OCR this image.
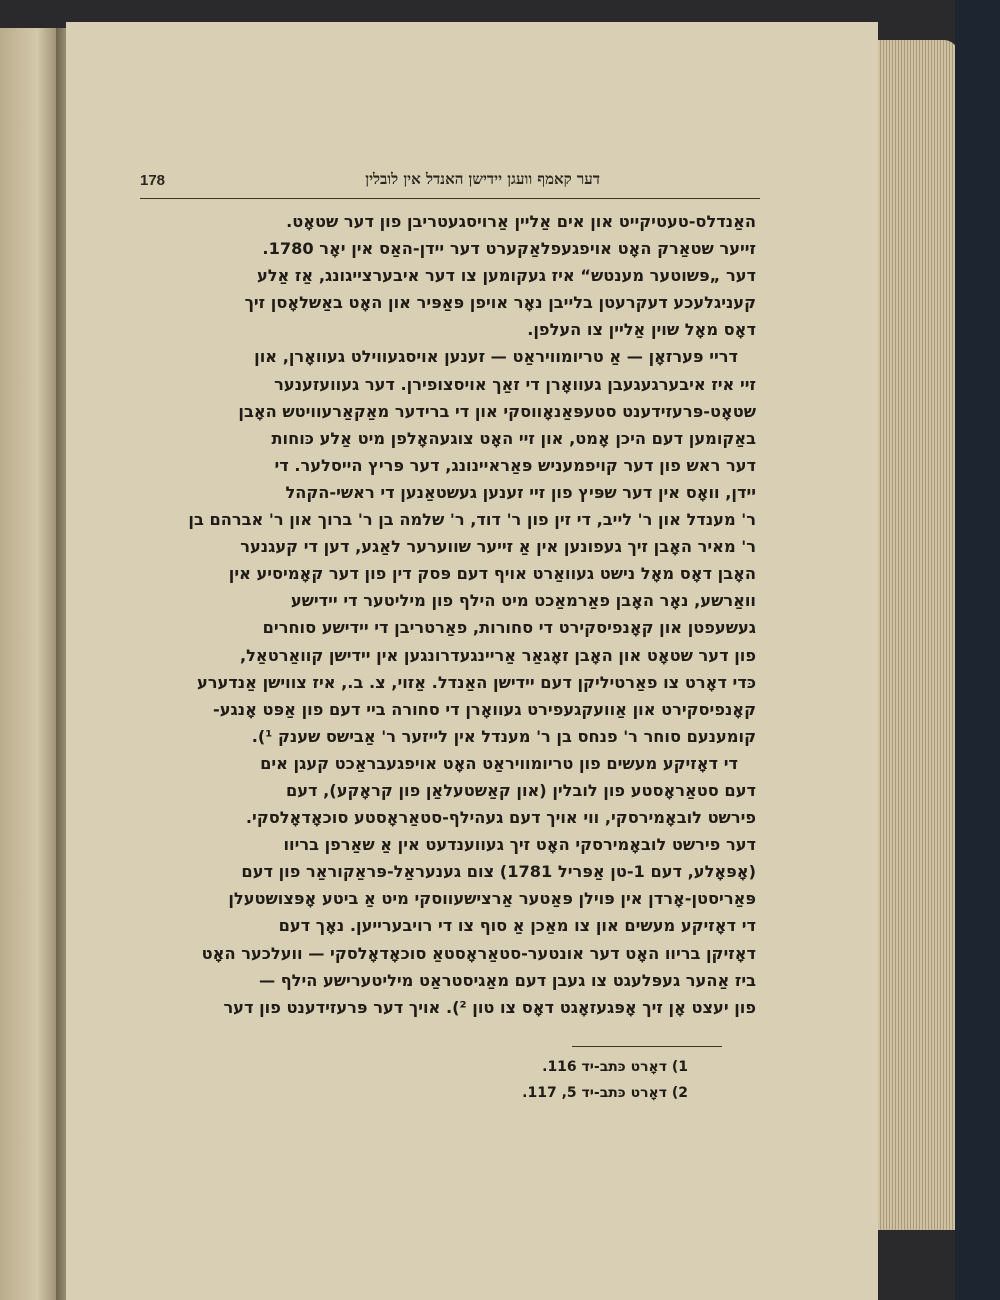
178	דער קאמף וועגן יידישן האנדל אין לובלין
האַנדלס-טעטיקייט און אים אַליין אַרויסגעטריבן פון דער שטאָט.
זייער שטאַרק האָט אויפגעפלאַקערט דער יידן-האַס אין יאָר 1780.
דער „פּשוטער מענטש“ איז געקומען צו דער איבערצייגונג, אַז אַלע
קעניגלעכע דעקרעטן בלייבן נאָר אויפן פּאַפּיר און האָט באַשלאָסן זיך
דאָס מאָל שוין אַליין צו העלפן.
דריי פּערזאָן — אַ טריומוויראַט — זענען אויסגעווילט געוואָרן, און
זיי איז איבערגעגעבן געוואָרן די זאַך אויסצופירן. דער געוועזענער
שטאָט-פּרעזידענט סטעפּאַנאָווסקי און די ברידער מאַקאַרעוויטש האָבן
באַקומען דעם היכן אָמט, און זיי האָט צוגעהאָלפן מיט אַלע כּוחות
דער ראש פון דער קויפמעניש פּאַראיינונג, דער פּריץ הייסלער. די
יידן, וואָס אין דער שפּיץ פון זיי זענען געשטאַנען די ראשי-הקהל
ר' מענדל און ר' לייב, די זין פון ר' דוד, ר' שלמה בן ר' ברוך און ר' אברהם בן
ר' מאיר האָבן זיך געפונען אין אַ זייער שווערער לאַגע, דען די קעגנער
האָבן דאָס מאָל נישט געוואַרט אויף דעם פּסק דין פון דער קאָמיסיע אין
וואַרשע, נאָר האָבן פאַרמאַכט מיט הילף פון מיליטער די יידישע
געשעפטן און קאָנפיסקירט די סחורות, פאַרטריבן די יידישע סוחרים
פון דער שטאָט און האָבן זאָגאַר אַריינגעדרונגען אין יידישן קוואַרטאַל,
כּדי דאָרט צו פאַרטיליקן דעם יידישן האַנדל. אַזוי, צ. ב., איז צווישן אַנדערע
קאָנפיסקירט און אַוועקגעפירט געוואָרן די סחורה ביי דעם פון אַפּט אָנגע-
קומענעם סוחר ר' פנחס בן ר' מענדל אין לייזער ר' אַבישס שענק ¹).
די דאָזיקע מעשים פון טריומוויראַט האָט אויפגעבראַכט קעגן אים
דעם סטאַראָסטע פון לובלין (און קאַשטעלאַן פון קראָקע), דעם
פירשט לובאָמירסקי, ווי אויך דעם געהילף-סטאַראָסטע סוכאָדאָלסקי.
דער פירשט לובאָמירסקי האָט זיך געווענדעט אין אַ שאַרפן בריוו
(אָפּאָלע, דעם 1-טן אַפּריל 1781) צום גענעראַל-פּראַקוראַר פון דעם
פּאַריסטן-אָרדן אין פּוילן פּאַטער אַרצישעווסקי מיט אַ ביטע אָפּצושטעלן
די דאָזיקע מעשים און צו מאַכן אַ סוף צו די רויבערייען. נאָך דעם
דאָזיקן בריוו האָט דער אונטער-סטאַראָסטאַ סוכאָדאָלסקי — וועלכער האָט
ביז אַהער געפּלעגט צו געבן דעם מאַגיסטראַט מיליטערישע הילף —
פון יעצט אָן זיך אָפּגעזאָגט דאָס צו טון ²). אויך דער פּרעזידענט פון דער
1) דאָרט כּתב-יד 116.
2) דאָרט כּתב-יד 5, 117.
